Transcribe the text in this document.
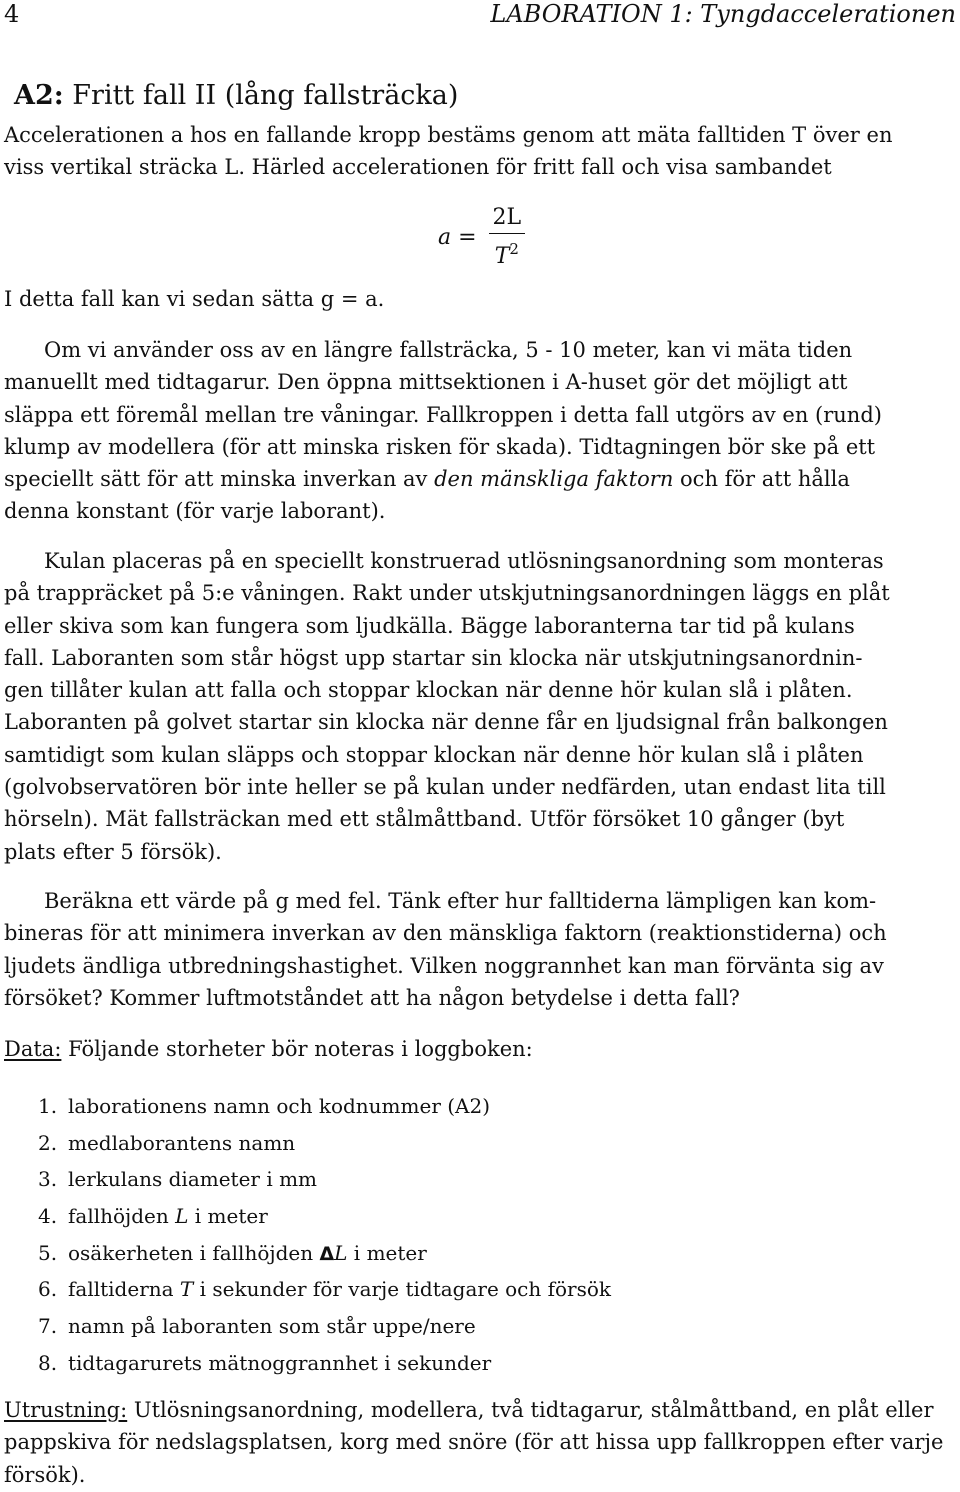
4	LABORATION 1: Tyngdaccelerationen
A2: Fritt fall II (lång fallsträcka)

Accelerationen a hos en fallande kropp bestäms genom att mäta falltiden T över en
viss vertikal sträcka L. Härled accelerationen för fritt fall och visa sambandet

$a = \frac{2L}{T^2}$

I detta fall kan vi sedan sätta g = a.

Om vi använder oss av en längre fallsträcka, 5 - 10 meter, kan vi mäta tiden
manuellt med tidtagarur. Den öppna mittsektionen i A-huset gör det möjligt att
släppa ett föremål mellan tre våningar. Fallkroppen i detta fall utgörs av en (rund)
klump av modellera (för att minska risken för skada). Tidtagningen bör ske på ett
speciellt sätt för att minska inverkan av den mänskliga faktorn och för att hålla
denna konstant (för varje laborant).

Kulan placeras på en speciellt konstruerad utlösningsanordning som monteras
på trappräcket på 5:e våningen. Rakt under utskjutningsanordningen läggs en plåt
eller skiva som kan fungera som ljudkälla. Bägge laboranterna tar tid på kulans
fall. Laboranten som står högst upp startar sin klocka när utskjutningsanordnin-
gen tillåter kulan att falla och stoppar klockan när denne hör kulan slå i plåten.
Laboranten på golvet startar sin klocka när denne får en ljudsignal från balkongen
samtidigt som kulan släpps och stoppar klockan när denne hör kulan slå i plåten
(golvobservatören bör inte heller se på kulan under nedfärden, utan endast lita till
hörseln). Mät fallsträckan med ett stålmåttband. Utför försöket 10 gånger (byt
plats efter 5 försök).

Beräkna ett värde på g med fel. Tänk efter hur falltiderna lämpligen kan kom-
bineras för att minimera inverkan av den mänskliga faktorn (reaktionstiderna) och
ljudets ändliga utbredningshastighet. Vilken noggrannhet kan man förvänta sig av
försöket? Kommer luftmotståndet att ha någon betydelse i detta fall?

Data: Följande storheter bör noteras i loggboken:

1. laborationens namn och kodnummer (A2)
2. medlaborantens namn
3. lerkulans diameter i mm
4. fallhöjden L i meter
5. osäkerheten i fallhöjden ΔL i meter
6. falltiderna T i sekunder för varje tidtagare och försök
7. namn på laboranten som står uppe/nere
8. tidtagarurets mätnoggrannhet i sekunder

Utrustning: Utlösningsanordning, modellera, två tidtagarur, stålmåttband, en plåt eller
pappskiva för nedslagsplatsen, korg med snöre (för att hissa upp fallkroppen efter varje
försök).
